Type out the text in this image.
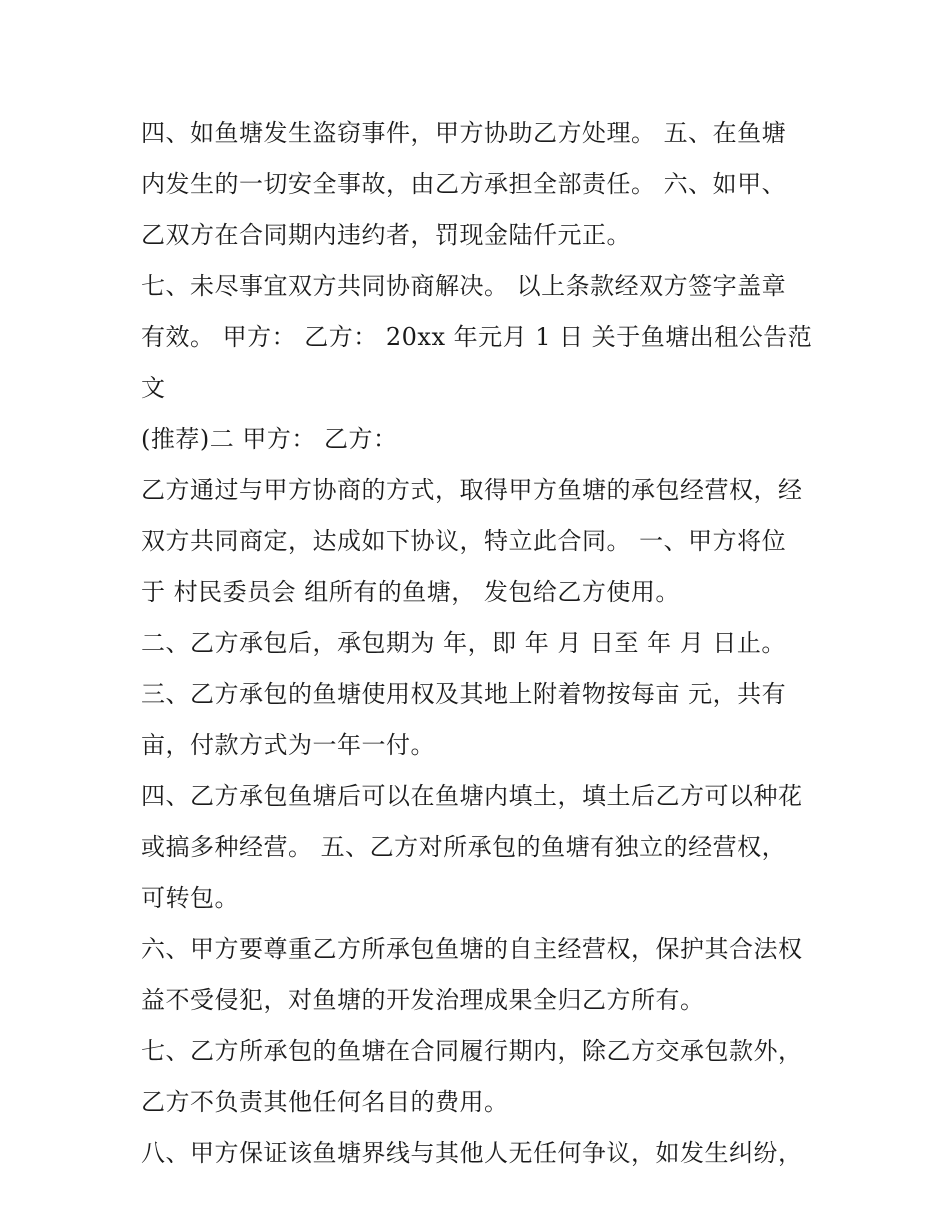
四、如鱼塘发生盗窃事件，甲方协助乙方处理。 五、在鱼塘
内发生的一切安全事故，由乙方承担全部责任。 六、如甲、
乙双方在合同期内违约者，罚现金陆仟元正。

七、未尽事宜双方共同协商解决。 以上条款经双方签字盖章
有效。 甲方： 乙方： 20xx 年元月 1 日 关于鱼塘出租公告范文
(推荐)二 甲方： 乙方：

乙方通过与甲方协商的方式，取得甲方鱼塘的承包经营权，经
双方共同商定，达成如下协议，特立此合同。 一、甲方将位
于 村民委员会 组所有的鱼塘， 发包给乙方使用。

二、乙方承包后，承包期为 年，即 年 月 日至 年 月 日止。

三、乙方承包的鱼塘使用权及其地上附着物按每亩 元，共有
亩，付款方式为一年一付。

四、乙方承包鱼塘后可以在鱼塘内填土，填土后乙方可以种花
或搞多种经营。 五、乙方对所承包的鱼塘有独立的经营权，
可转包。

六、甲方要尊重乙方所承包鱼塘的自主经营权，保护其合法权
益不受侵犯，对鱼塘的开发治理成果全归乙方所有。

七、乙方所承包的鱼塘在合同履行期内，除乙方交承包款外，
乙方不负责其他任何名目的费用。

八、甲方保证该鱼塘界线与其他人无任何争议，如发生纠纷，
